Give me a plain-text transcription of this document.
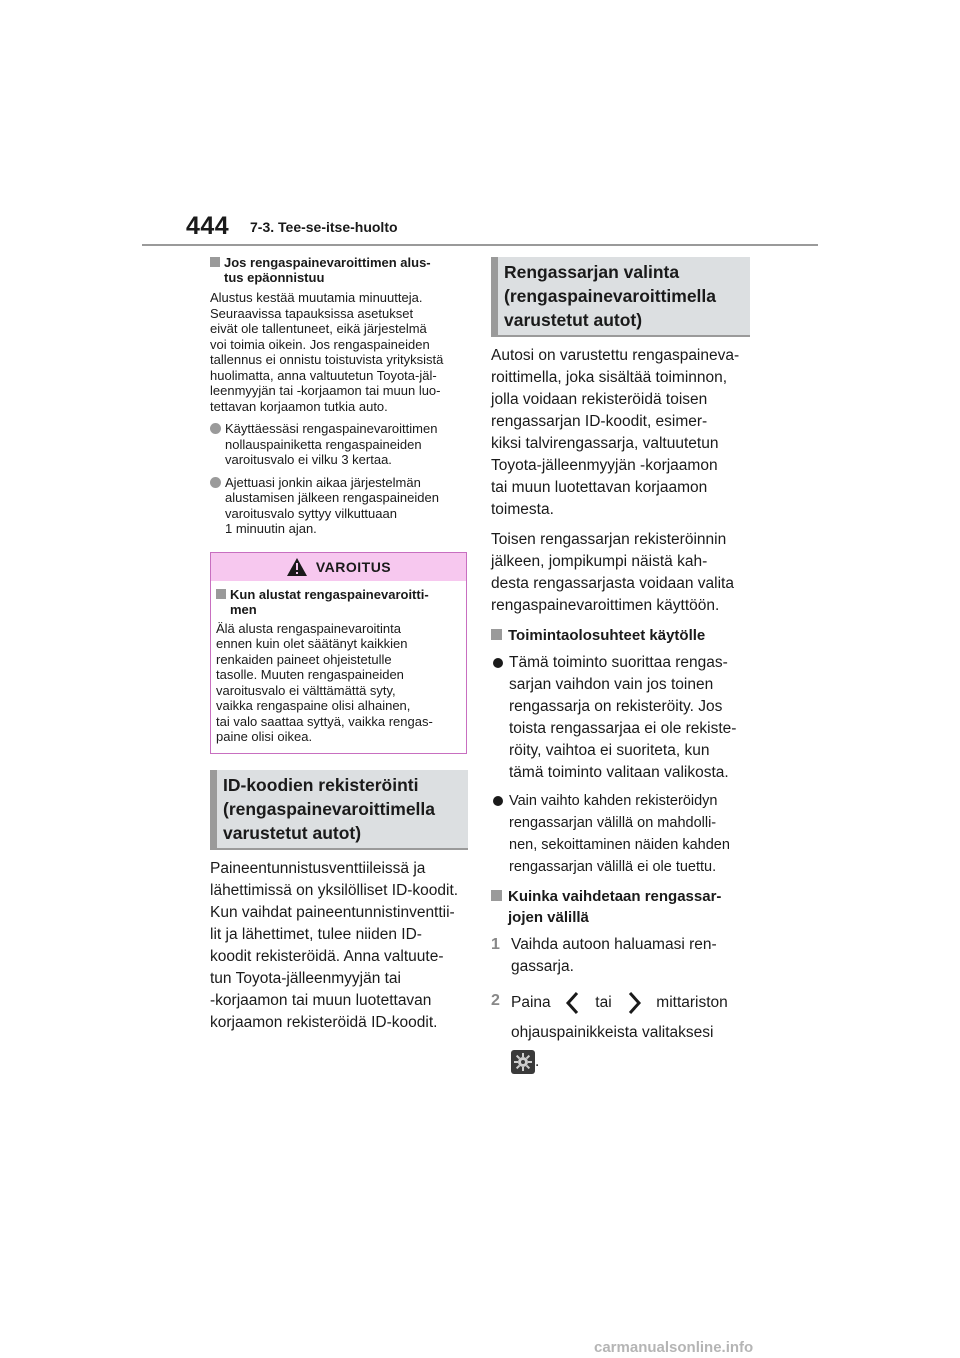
444 7-3. Tee-se-itse-huolto
Jos rengaspainevaroittimen alus-
tus epäonnistuu
Alustus kestää muutamia minuutteja.
Seuraavissa tapauksissa asetukset
eivät ole tallentuneet, eikä järjestelmä
voi toimia oikein. Jos rengaspaineiden
tallennus ei onnistu toistuvista yrityksistä
huolimatta, anna valtuutetun Toyota-jäl-
leenmyyjän tai -korjaamon tai muun luo-
tettavan korjaamon tutkia auto.
Käyttäessäsi rengaspainevaroittimen
nollauspainiketta rengaspaineiden
varoitusvalo ei vilku 3 kertaa.
Ajettuasi jonkin aikaa järjestelmän
alustamisen jälkeen rengaspaineiden
varoitusvalo syttyy vilkuttuaan
1 minuutin ajan.
VAROITUS
Kun alustat rengaspainevaroitti-
men
Älä alusta rengaspainevaroitinta
ennen kuin olet säätänyt kaikkien
renkaiden paineet ohjeistetulle
tasolle. Muuten rengaspaineiden
varoitusvalo ei välttämättä syty,
vaikka rengaspaine olisi alhainen,
tai valo saattaa syttyä, vaikka rengas-
paine olisi oikea.
ID-koodien rekisteröinti
(rengaspainevaroittimella
varustetut autot)
Paineentunnistusventtiileissä ja
lähettimissä on yksilölliset ID-koodit.
Kun vaihdat paineentunnistinventtii-
lit ja lähettimet, tulee niiden ID-
koodit rekisteröidä. Anna valtuute-
tun Toyota-jälleenmyyjän tai
-korjaamon tai muun luotettavan
korjaamon rekisteröidä ID-koodit.
Rengassarjan valinta
(rengaspainevaroittimella
varustetut autot)
Autosi on varustettu rengaspaineva-
roittimella, joka sisältää toiminnon,
jolla voidaan rekisteröidä toisen
rengassarjan ID-koodit, esimer-
kiksi talvirengassarja, valtuutetun
Toyota-jälleenmyyjän -korjaamon
tai muun luotettavan korjaamon
toimesta.
Toisen rengassarjan rekisteröinnin
jälkeen, jompikumpi näistä kah-
desta rengassarjasta voidaan valita
rengaspainevaroittimen käyttöön.
Toimintaolosuhteet käytölle
Tämä toiminto suorittaa rengas-
sarjan vaihdon vain jos toinen
rengassarja on rekisteröity. Jos
toista rengassarjaa ei ole rekiste-
röity, vaihtoa ei suoriteta, kun
tämä toiminto valitaan valikosta.
Vain vaihto kahden rekisteröidyn
rengassarjan välillä on mahdolli-
nen, sekoittaminen näiden kahden
rengassarjan välillä ei ole tuettu.
Kuinka vaihdetaan rengassar-
jojen välillä
1 Vaihda autoon haluamasi ren-
gassarja.
2 Paina	tai	mittariston
ohjauspainikkeista valitaksesi
.
carmanualsonline.info
